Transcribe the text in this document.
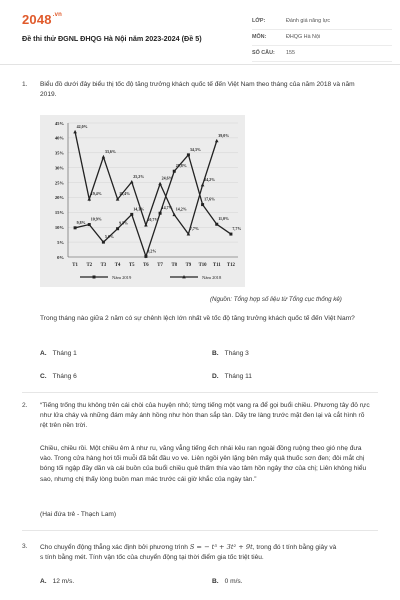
$2048^{.vn}$
Đề thi thử ĐGNL ĐHQG Hà Nội năm 2023-2024 (Đề 5)
LỚP:	Đánh giá năng lực
MÔN:	ĐHQG Hà Nội
SỐ CÂU: 155
1. Biểu đồ dưới đây biểu thị tốc độ tăng trưởng khách quốc tế đến Việt Nam theo tháng của năm 2018 và năm 2019.
0%
5%
10%
15%
20%
25%
30%
35%
40%
45%
T1 T2 T3 T4 T5 T6 T7 T8 T9 T10 T11 T12
9,8%
10,9%
5,0%
9,5%
14,3%
0,2%
14,7%
28,8%
34,3%
17,6%
11,0%
7,7%
42,0%
19,4%
33,6%
19,4%
25,2%
10,7%
24,6%
14,2%
7,7%
24,2%
39,0%
Năm 2019	Năm 2018
(Nguồn: Tổng hợp số liệu từ Tổng cục thống kê)
Trong tháng nào giữa 2 năm có sự chênh lệch lớn nhất về tốc độ tăng trưởng khách quốc tế đến Việt Nam?
A. Tháng 1	B. Tháng 3
C. Tháng 6	D. Tháng 11
2. “Tiếng trống thu không trên cái chòi của huyện nhỏ; từng tiếng một vang ra để gọi buổi chiều. Phương tây đỏ rực như lửa cháy và những đám mây ánh hồng như hòn than sắp tàn. Dãy tre làng trước mặt đen lại và cắt hình rõ rệt trên nền trời.
Chiều, chiều rồi. Một chiều êm ả như ru, văng vẳng tiếng ếch nhái kêu ran ngoài đồng ruộng theo gió nhẹ đưa vào. Trong cửa hàng hơi tối muỗi đã bắt đầu vo ve. Liên ngồi yên lặng bên mấy quả thuốc sơn đen; đôi mắt chị bóng tối ngập đầy dần và cái buồn của buổi chiều quê thấm thía vào tâm hồn ngây thơ của chị; Liên không hiểu sao, nhưng chị thấy lòng buồn man mác trước cái giờ khắc của ngày tàn.”
(Hai đứa trẻ - Thạch Lam)
3. Cho chuyển động thẳng xác định bởi phương trình S = − t³ + 3t² + 9t, trong đó t tính bằng giây và
s tính bằng mét. Tính vận tốc của chuyển động tại thời điểm gia tốc triệt tiêu.
A. 12 m/s.	B. 0 m/s.
